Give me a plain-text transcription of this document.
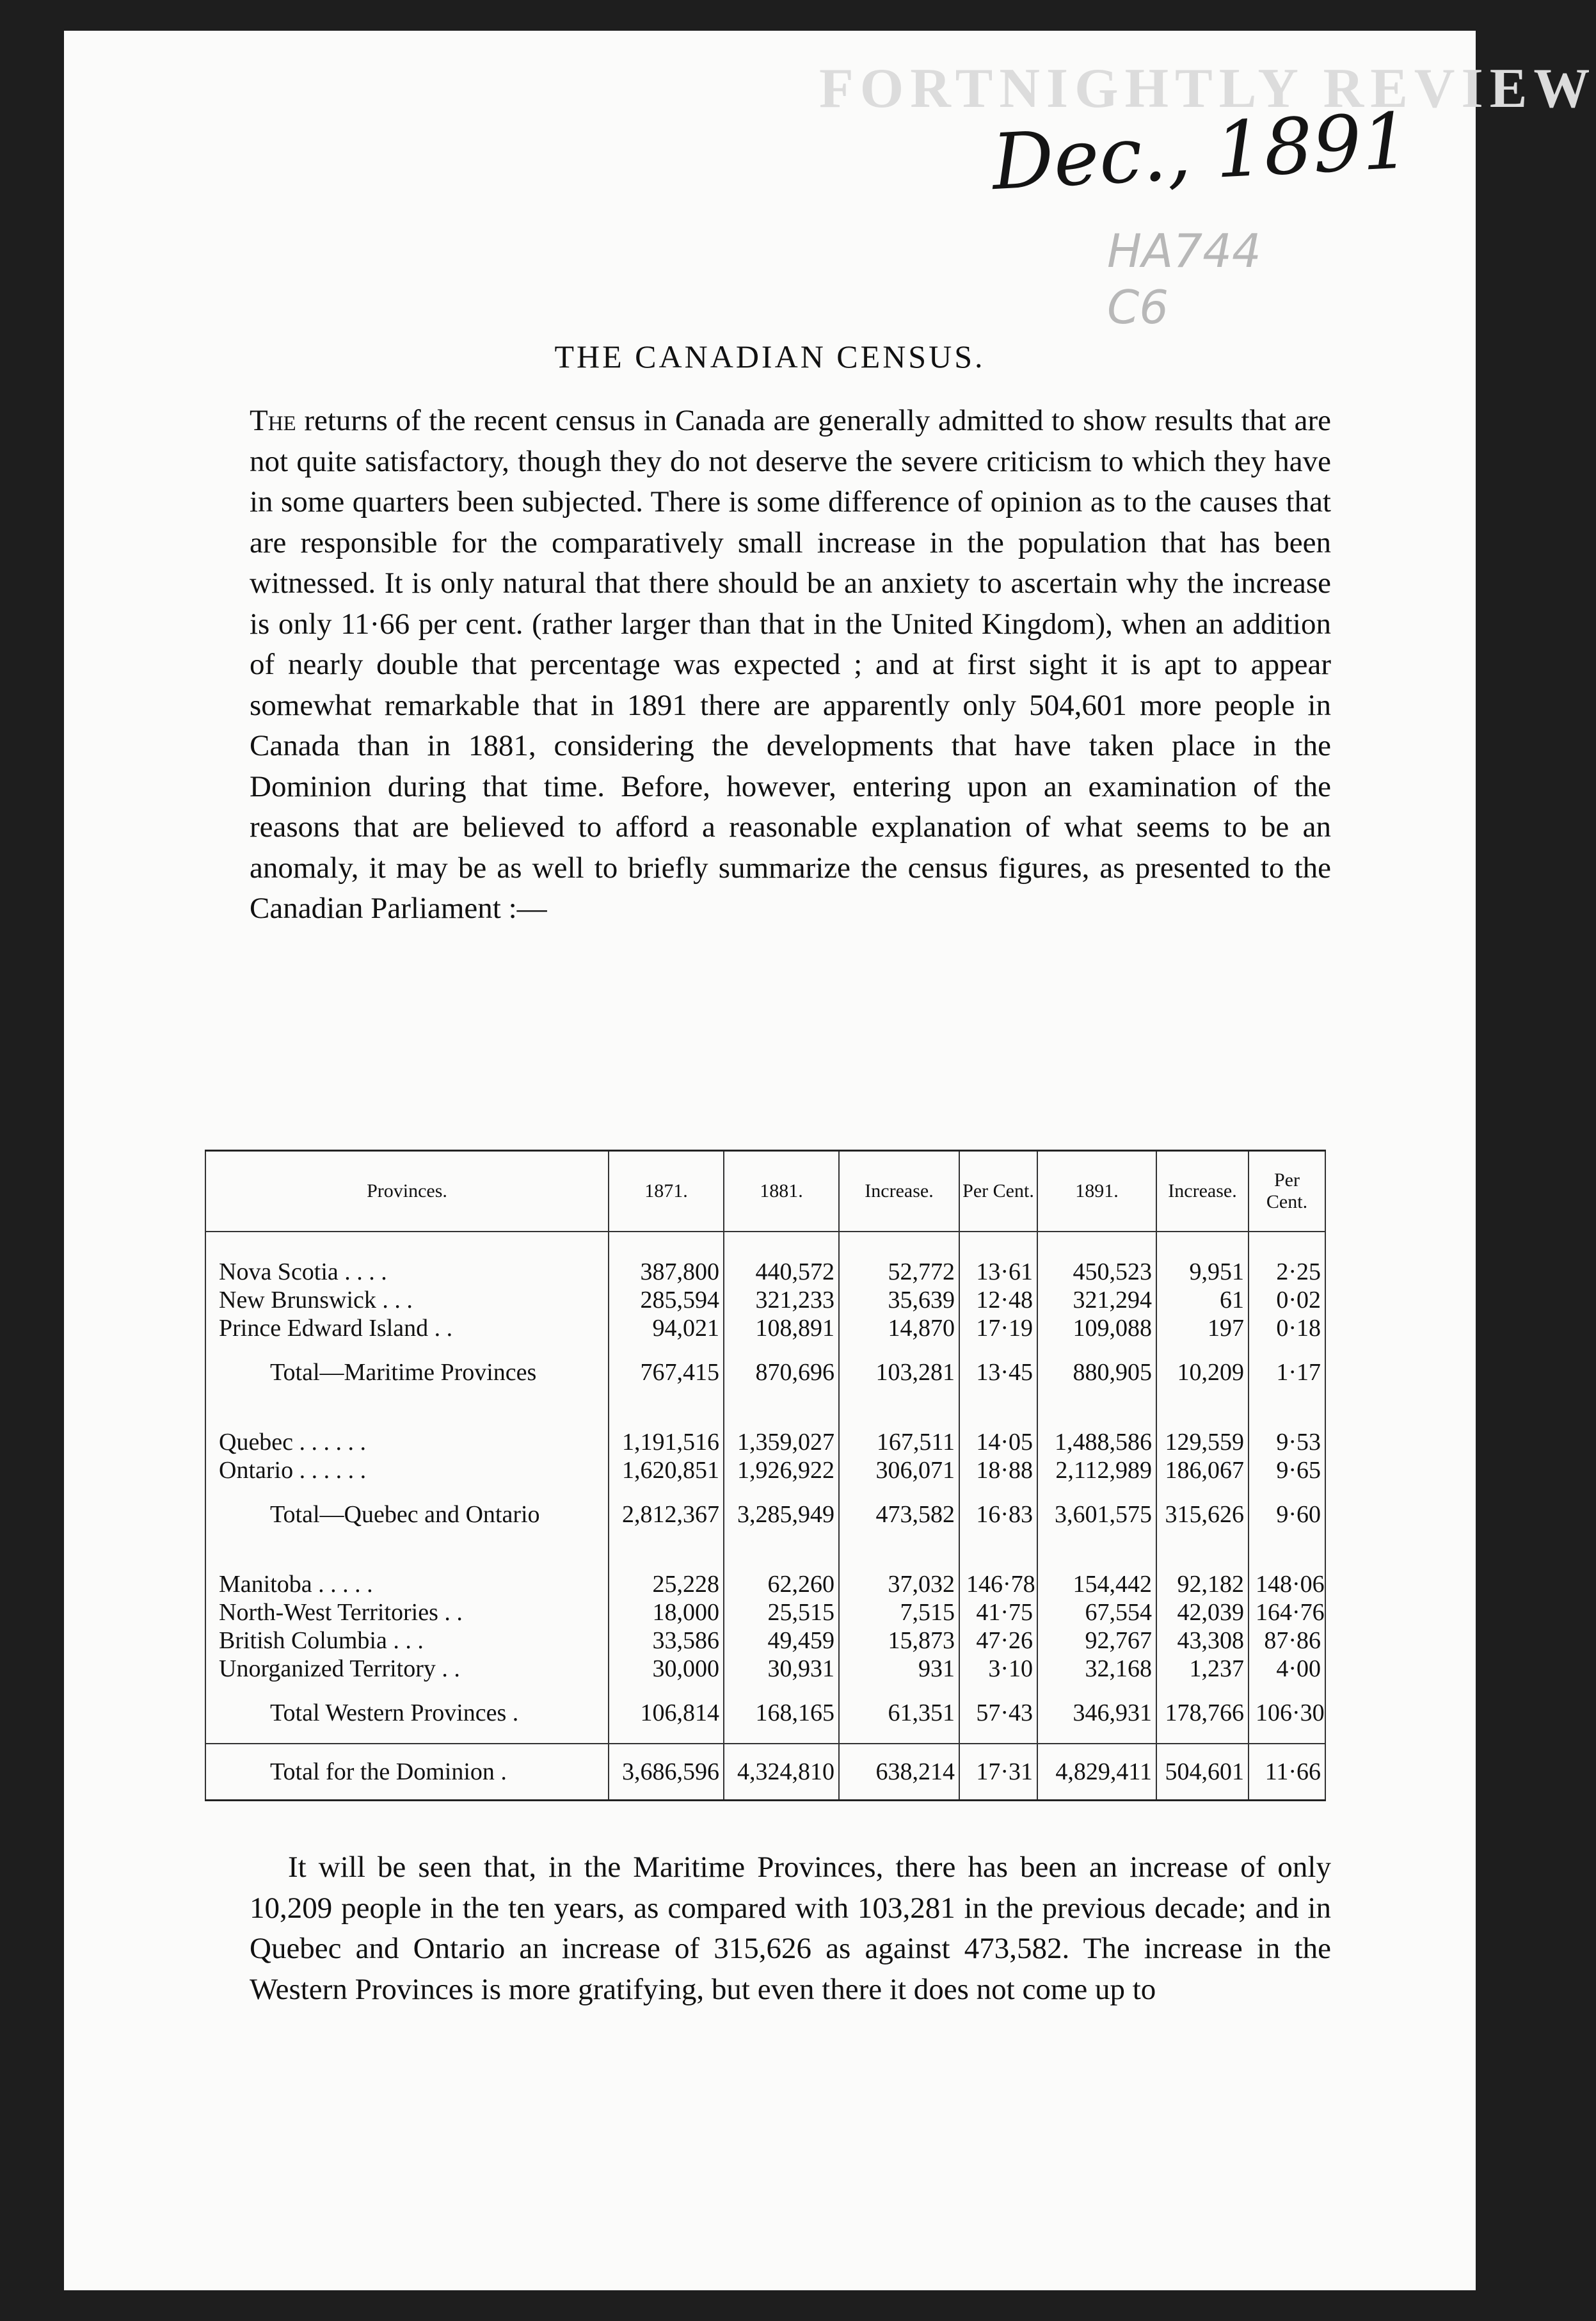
FORTNIGHTLY REVIEW
Dec., 1891
HA744
C6
THE CANADIAN CENSUS.
The returns of the recent census in Canada are generally admitted to show results that are not quite satisfactory, though they do not deserve the severe criticism to which they have in some quarters been subjected. There is some difference of opinion as to the causes that are responsible for the comparatively small increase in the population that has been witnessed. It is only natural that there should be an anxiety to ascertain why the increase is only 11·66 per cent. (rather larger than that in the United Kingdom), when an addition of nearly double that percentage was expected ; and at first sight it is apt to appear somewhat remarkable that in 1891 there are apparently only 504,601 more people in Canada than in 1881, considering the developments that have taken place in the Dominion during that time. Before, however, entering upon an examination of the reasons that are believed to afford a reasonable explanation of what seems to be an anomaly, it may be as well to briefly summarize the census figures, as presented to the Canadian Parliament :—
Provinces.	1871.	1881.	Increase.	Per Cent.	1891.	Increase.	Per Cent.

Nova Scotia . . . .	387,800	440,572	52,772	13·61	450,523	9,951	2·25
New Brunswick . . .	285,594	321,233	35,639	12·48	321,294	61	0·02
Prince Edward Island . .	94,021	108,891	14,870	17·19	109,088	197	0·18
Total—Maritime Provinces	767,415	870,696	103,281	13·45	880,905	10,209	1·17

Quebec . . . . . .	1,191,516	1,359,027	167,511	14·05	1,488,586	129,559	9·53
Ontario . . . . . .	1,620,851	1,926,922	306,071	18·88	2,112,989	186,067	9·65
Total—Quebec and Ontario	2,812,367	3,285,949	473,582	16·83	3,601,575	315,626	9·60

Manitoba . . . . .	25,228	62,260	37,032	146·78	154,442	92,182	148·06
North-West Territories . .	18,000	25,515	7,515	41·75	67,554	42,039	164·76
British Columbia . . .	33,586	49,459	15,873	47·26	92,767	43,308	87·86
Unorganized Territory . .	30,000	30,931	931	3·10	32,168	1,237	4·00
Total Western Provinces .	106,814	168,165	61,351	57·43	346,931	178,766	106·30
Total for the Dominion .	3,686,596	4,324,810	638,214	17·31	4,829,411	504,601	11·66
It will be seen that, in the Maritime Provinces, there has been an increase of only 10,209 people in the ten years, as compared with 103,281 in the previous decade; and in Quebec and Ontario an increase of 315,626 as against 473,582. The increase in the Western Provinces is more gratifying, but even there it does not come up to
